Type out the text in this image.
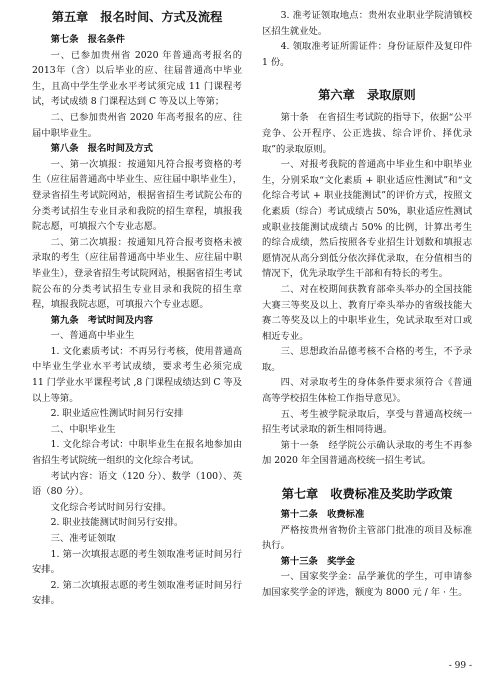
第五章　报名时间、方式及流程

第七条　报名条件

一、已参加贵州省 2020 年普通高考报名的 2013年（含）以后毕业的应、往届普通高中毕业生，且高中学生学业水平考试须完成 11 门课程考试，考试成绩 8 门课程达到 C 等及以上等第；

二、已参加贵州省 2020 年高考报名的应、往届中职毕业生。

第八条　报名时间及方式

一、第一次填报：按通知凡符合报考资格的考生（应往届普通高中毕业生、应往届中职毕业生），登录省招生考试院网站，根据省招生考试院公布的分类考试招生专业目录和我院的招生章程，填报我院志愿，可填报六个专业志愿。

二、第二次填报：按通知凡符合报考资格未被录取的考生（应往届普通高中毕业生、应往届中职毕业生），登录省招生考试院网站，根据省招生考试院公布的分类考试招生专业目录和我院的招生章程，填报我院志愿，可填报六个专业志愿。

第九条　考试时间及内容

一、普通高中毕业生

1. 文化素质考试：不再另行考核，使用普通高中毕业生学业水平考试成绩，要求考生必须完成 11 门学业水平课程考试 ,8 门课程成绩达到 C 等及以上等第。

2. 职业适应性测试时间另行安排

二、中职毕业生

1. 文化综合考试：中职毕业生在报名地参加由省招生考试院统一组织的文化综合考试。

考试内容：语文（120 分）、数学（100）、英语（80 分）。

文化综合考试时间另行安排。

2. 职业技能测试时间另行安排。

三、准考证领取

1. 第一次填报志愿的考生领取准考证时间另行安排。

2. 第二次填报志愿的考生领取准考证时间另行安排。

3. 准考证领取地点：贵州农业职业学院清镇校区招生就业处。

4. 领取准考证所需证件：身份证原件及复印件 1 份。

第六章　录取原则

第十条　在省招生考试院的指导下，依据“公平竞争、公开程序、公正选拔、综合评价、择优录取”的录取原则。

一、对报考我院的普通高中毕业生和中职毕业生，分别采取“文化素质 + 职业适应性测试”和“文化综合考试 + 职业技能测试”的评价方式，按照文化素质（综合）考试成绩占 50%，职业适应性测试或职业技能测试成绩占 50% 的比例，计算出考生的综合成绩，然后按照各专业招生计划数和填报志愿情况从高分到低分依次择优录取，在分值相当的情况下，优先录取学生干部和有特长的考生。

二、对在校期间获教育部牵头举办的全国技能大赛三等奖及以上、教育厅牵头举办的省级技能大赛二等奖及以上的中职毕业生，免试录取至对口或相近专业。

三、思想政治品德考核不合格的考生，不予录取。

四、对录取考生的身体条件要求须符合《普通高等学校招生体检工作指导意见》。

五、考生被学院录取后，享受与普通高校统一招生考试录取的新生相同待遇。

第十一条　经学院公示确认录取的考生不再参加 2020 年全国普通高校统一招生考试。

第七章　收费标准及奖助学政策

第十二条　收费标准

严格按贵州省物价主管部门批准的项目及标准执行。

第十三条　奖学金

一、国家奖学金：品学兼优的学生，可申请参加国家奖学金的评选，额度为 8000 元 / 年 · 生。

- 99 -
